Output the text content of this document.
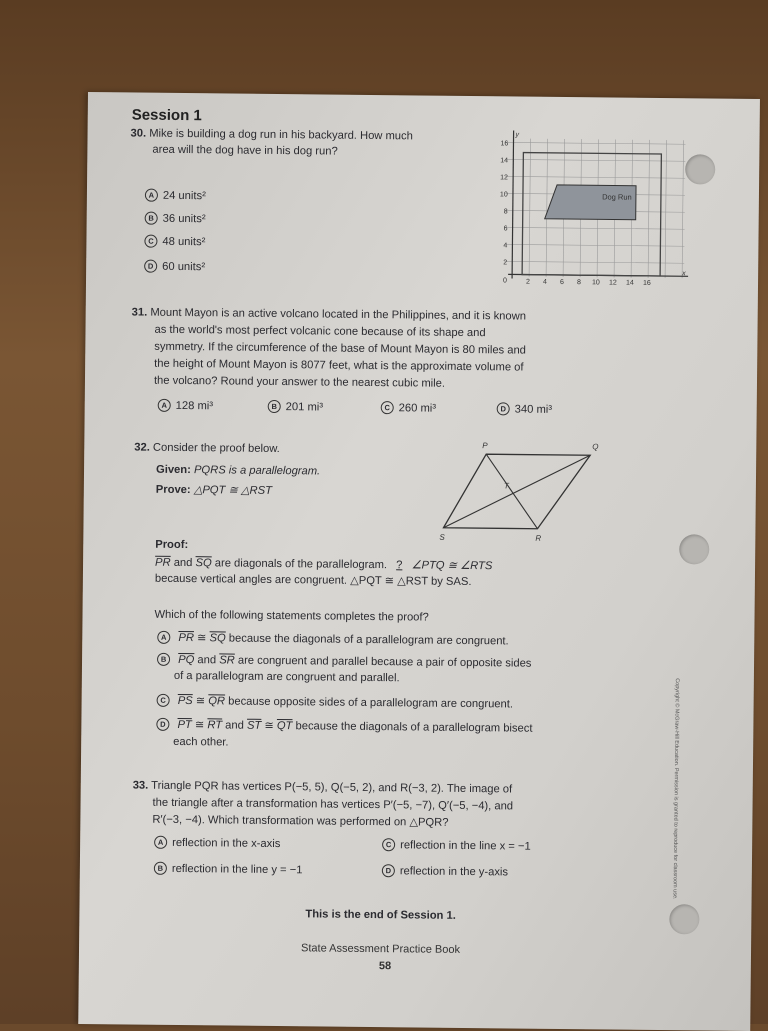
Session 1
30. Mike is building a dog run in his backyard. How much
area will the dog have in his dog run?
A 24 units²
B 36 units²
C 48 units²
D 60 units²
Dog Run
y
x
0
16
14
12
10
8
6
4
2
2 4 6 8 10 12 14 16
31. Mount Mayon is an active volcano located in the Philippines, and it is known
as the world's most perfect volcanic cone because of its shape and
symmetry. If the circumference of the base of Mount Mayon is 80 miles and
the height of Mount Mayon is 8077 feet, what is the approximate volume of
the volcano? Round your answer to the nearest cubic mile.
A 128 mi³	B 201 mi³	C 260 mi³	D 340 mi³
32. Consider the proof below.
Given: PQRS is a parallelogram.
Prove: △PQT ≅ △RST
P	Q
R
S
T
Proof:
$\overline{PR}$ and $\overline{SQ}$ are diagonals of the parallelogram. ? ∠PTQ ≅ ∠RTS
because vertical angles are congruent. △PQT ≅ △RST by SAS.
Which of the following statements completes the proof?
A $\overline{PR}$ ≅ $\overline{SQ}$ because the diagonals of a parallelogram are congruent.
B $\overline{PQ}$ and $\overline{SR}$ are congruent and parallel because a pair of opposite sides
of a parallelogram are congruent and parallel.
C $\overline{PS}$ ≅ $\overline{QR}$ because opposite sides of a parallelogram are congruent.
D $\overline{PT}$ ≅ $\overline{RT}$ and $\overline{ST}$ ≅ $\overline{QT}$ because the diagonals of a parallelogram bisect
each other.
33. Triangle PQR has vertices P(−5, 5), Q(−5, 2), and R(−3, 2). The image of
the triangle after a transformation has vertices P′(−5, −7), Q′(−5, −4), and
R′(−3, −4). Which transformation was performed on △PQR?
A reflection in the x-axis
B reflection in the line y = −1
C reflection in the line x = −1
D reflection in the y-axis
This is the end of Session 1.
State Assessment Practice Book
58
Copyright © McGraw-Hill Education. Permission is granted to reproduce for classroom use.
